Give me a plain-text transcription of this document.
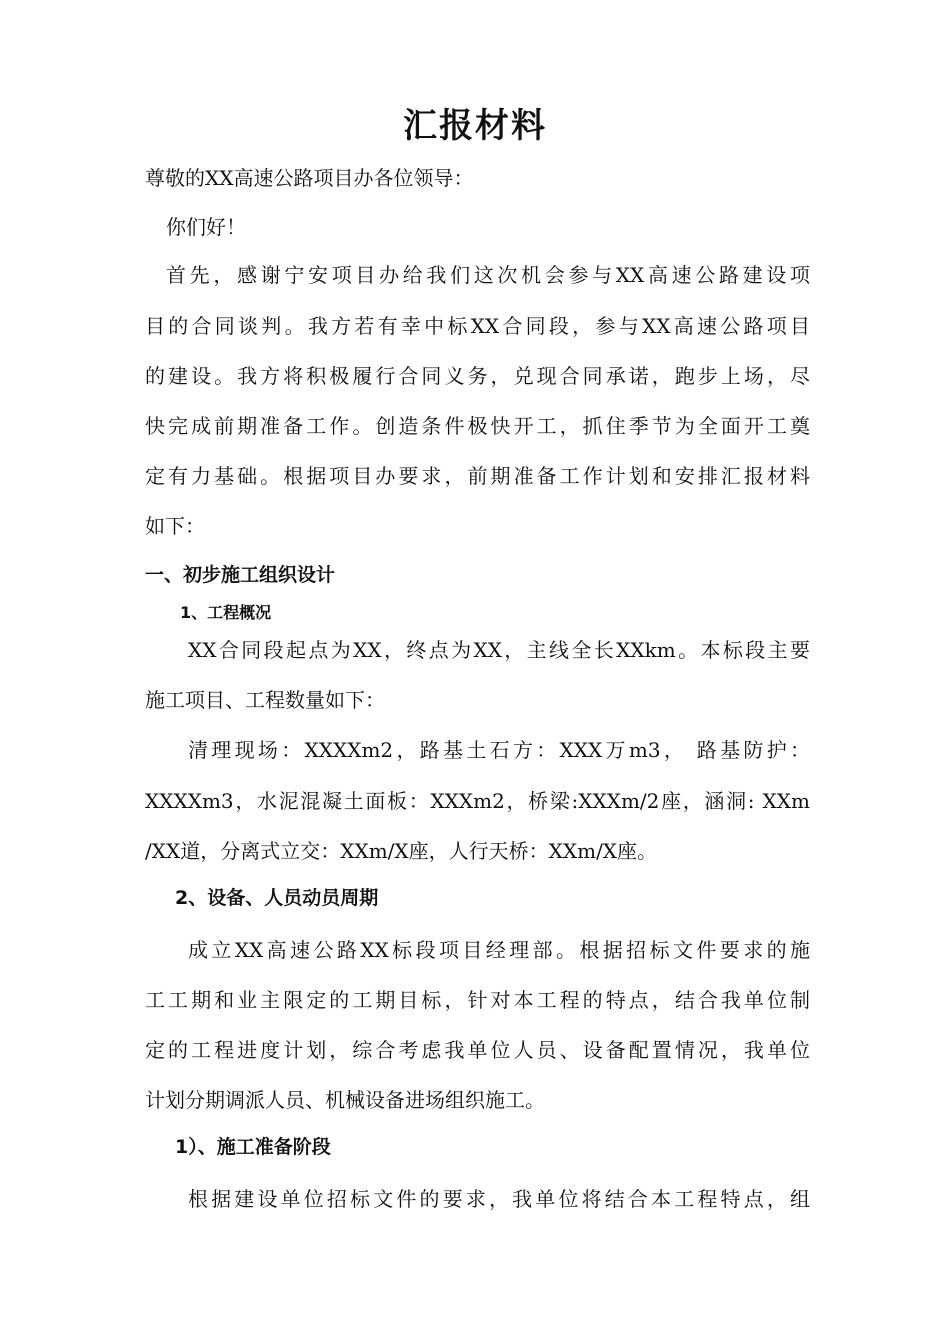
汇报材料

尊敬的XX高速公路项目办各位领导：

你们好！

首先，感谢宁安项目办给我们这次机会参与XX高速公路建设项

目的合同谈判。我方若有幸中标XX合同段，参与XX高速公路项目

的建设。我方将积极履行合同义务，兑现合同承诺，跑步上场，尽

快完成前期准备工作。创造条件极快开工，抓住季节为全面开工奠

定有力基础。根据项目办要求，前期准备工作计划和安排汇报材料

如下：

一、初步施工组织设计
1、工程概况

XX合同段起点为XX，终点为XX，主线全长XXkm。本标段主要

施工项目、工程数量如下：

清理现场：XXXXm2，路基土石方：XXX万m3， 路基防护：

XXXXm3，水泥混凝土面板：XXXm2，桥梁:XXXm/2座，涵洞: XXm

/XX道，分离式立交：XXm/X座，人行天桥：XXm/X座。

2、设备、人员动员周期

成立XX高速公路XX标段项目经理部。根据招标文件要求的施

工工期和业主限定的工期目标，针对本工程的特点，结合我单位制

定的工程进度计划，综合考虑我单位人员、设备配置情况，我单位

计划分期调派人员、机械设备进场组织施工。

1）、施工准备阶段

根据建设单位招标文件的要求，我单位将结合本工程特点，组
